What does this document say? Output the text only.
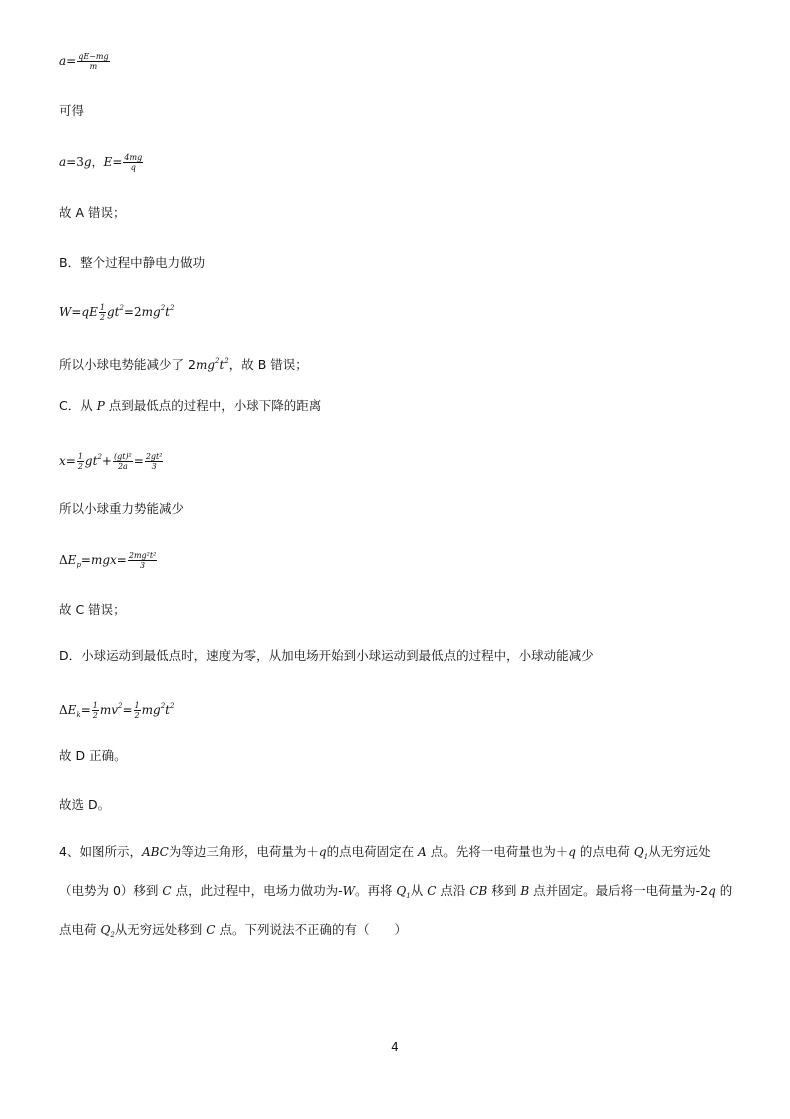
$a= \frac{qE-mg}{m}$
可得
a=3g，$E= \frac{4mg}{q}$
故 A 错误；
B．整个过程中静电力做功
$W=qE \frac{1}{2} gt^2=2mg^2t^2$
所以小球电势能减少了 $2mg^2t^2$，故 B 错误；
C．从 P 点到最低点的过程中，小球下降的距离
$x= \frac{1}{2} gt^2+ \frac{\text{(gt)²}}{2a} = \frac{\text{2gt²}}{3}$
所以小球重力势能减少
$\Delta E_p=mgx= \frac{\text{2mg²t²}}{3}$
故 C 错误；
D．小球运动到最低点时，速度为零，从加电场开始到小球运动到最低点的过程中，小球动能减少
$\Delta E_k= \frac{1}{2} mv^2= \frac{1}{2} mg^2t^2$
故 D 正确。
故选 D。
4、如图所示，ABC为等边三角形，电荷量为＋q的点电荷固定在 A 点。先将一电荷量也为＋q 的点电荷 $Q_1$从无穷远处（电势为 0）移到 C 点，此过程中，电场力做功为-W。再将 $Q_1$从 C 点沿 CB 移到 B 点并固定。最后将一电荷量为-2q 的点电荷 $Q_2$从无穷远处移到 C 点。下列说法不正确的有（　　）
4
